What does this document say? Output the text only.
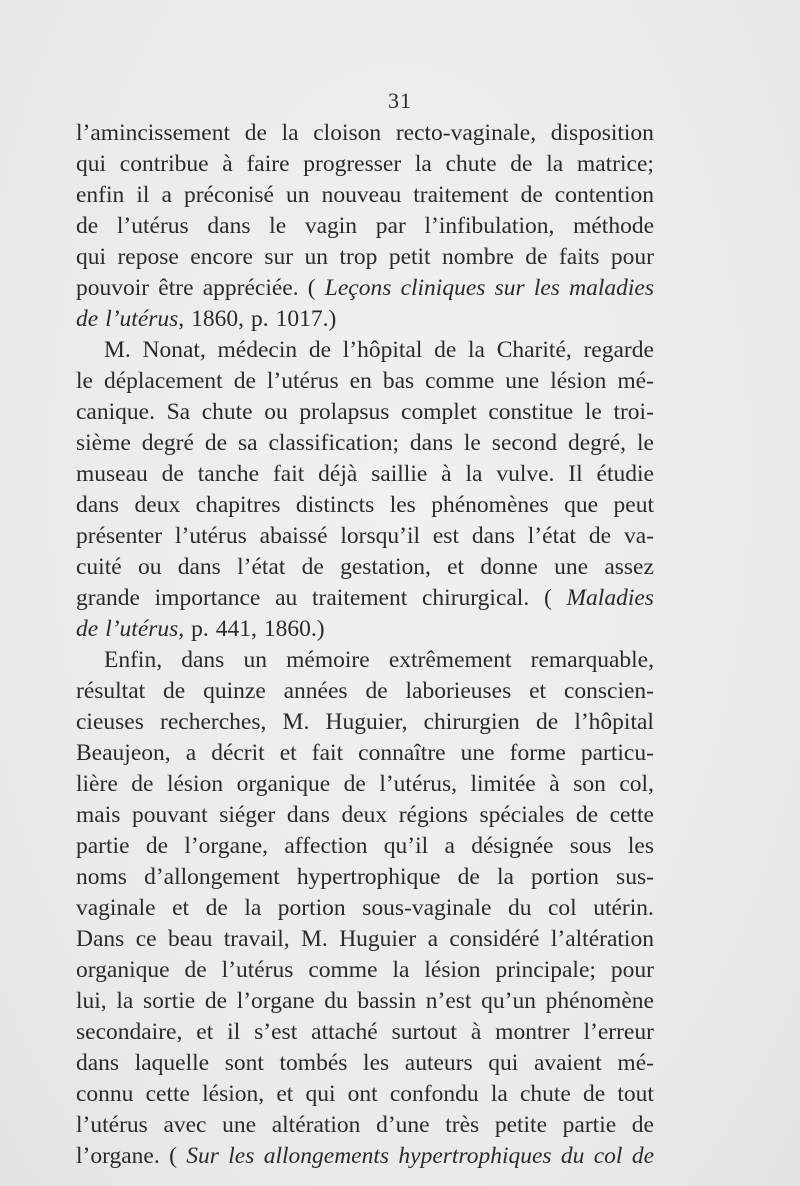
31
l’amincissement de la cloison recto-vaginale, disposition
qui contribue à faire progresser la chute de la matrice;
enfin il a préconisé un nouveau traitement de contention
de l’utérus dans le vagin par l’infibulation, méthode
qui repose encore sur un trop petit nombre de faits pour
pouvoir être appréciée. ( Leçons cliniques sur les maladies
de l’utérus, 1860, p. 1017.)
M. Nonat, médecin de l’hôpital de la Charité, regarde
le déplacement de l’utérus en bas comme une lésion mé-
canique. Sa chute ou prolapsus complet constitue le troi-
sième degré de sa classification; dans le second degré, le
museau de tanche fait déjà saillie à la vulve. Il étudie
dans deux chapitres distincts les phénomènes que peut
présenter l’utérus abaissé lorsqu’il est dans l’état de va-
cuité ou dans l’état de gestation, et donne une assez
grande importance au traitement chirurgical. ( Maladies
de l’utérus, p. 441, 1860.)
Enfin, dans un mémoire extrêmement remarquable,
résultat de quinze années de laborieuses et conscien-
cieuses recherches, M. Huguier, chirurgien de l’hôpital
Beaujeon, a décrit et fait connaître une forme particu-
lière de lésion organique de l’utérus, limitée à son col,
mais pouvant siéger dans deux régions spéciales de cette
partie de l’organe, affection qu’il a désignée sous les
noms d’allongement hypertrophique de la portion sus-
vaginale et de la portion sous-vaginale du col utérin.
Dans ce beau travail, M. Huguier a considéré l’altération
organique de l’utérus comme la lésion principale; pour
lui, la sortie de l’organe du bassin n’est qu’un phénomène
secondaire, et il s’est attaché surtout à montrer l’erreur
dans laquelle sont tombés les auteurs qui avaient mé-
connu cette lésion, et qui ont confondu la chute de tout
l’utérus avec une altération d’une très petite partie de
l’organe. ( Sur les allongements hypertrophiques du col de
